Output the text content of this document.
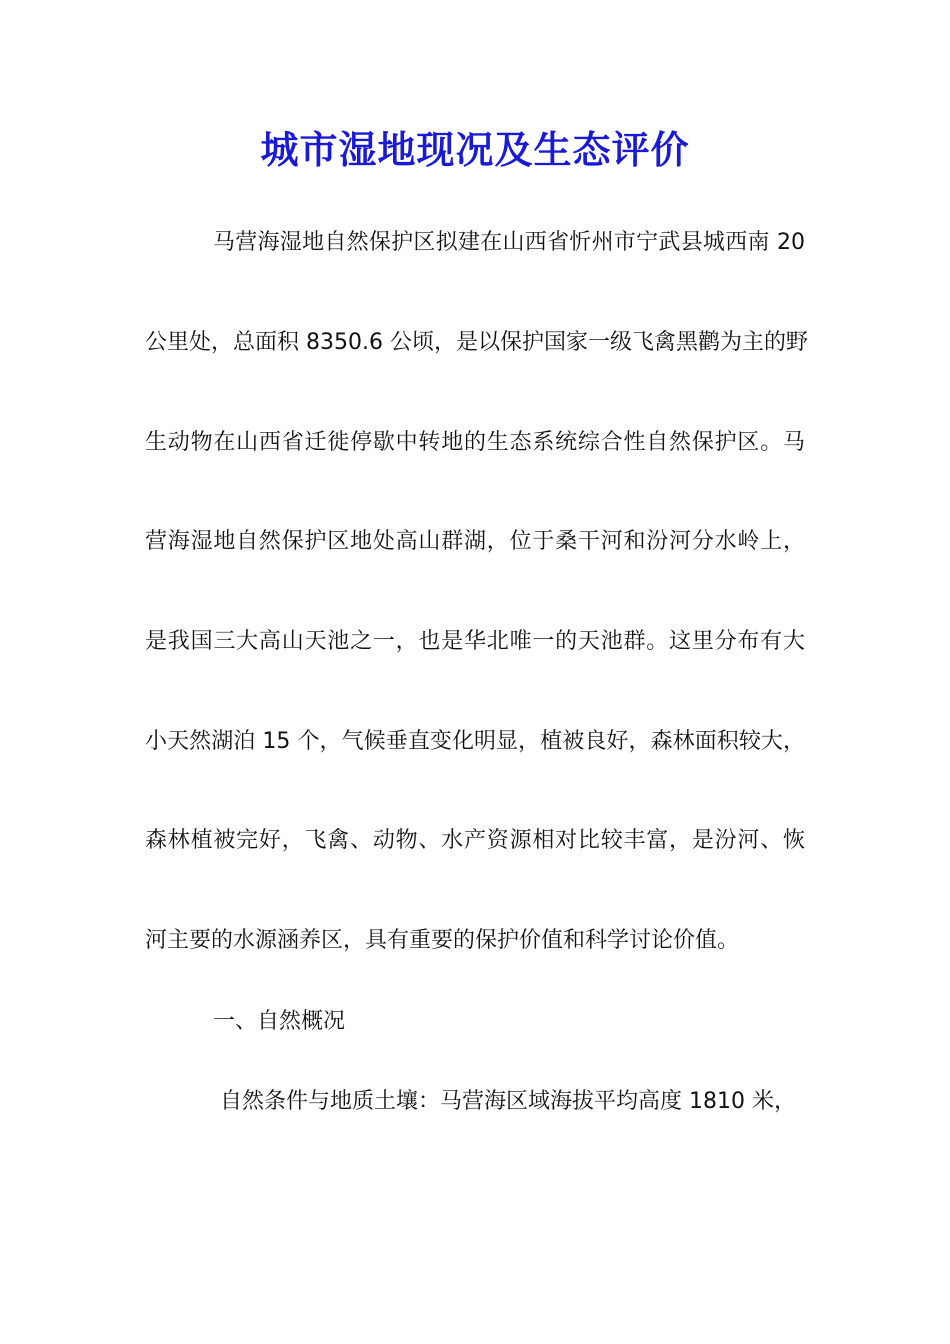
城市湿地现况及生态评价
马营海湿地自然保护区拟建在山西省忻州市宁武县城西南 20
公里处，总面积 8350.6 公顷，是以保护国家一级飞禽黑鹳为主的野
生动物在山西省迁徙停歇中转地的生态系统综合性自然保护区。马
营海湿地自然保护区地处高山群湖，位于桑干河和汾河分水岭上，
是我国三大高山天池之一，也是华北唯一的天池群。这里分布有大
小天然湖泊 15 个，气候垂直变化明显，植被良好，森林面积较大，
森林植被完好，飞禽、动物、水产资源相对比较丰富，是汾河、恢
河主要的水源涵养区，具有重要的保护价值和科学讨论价值。
一、自然概况
自然条件与地质土壤：马营海区域海拔平均高度 1810 米，
